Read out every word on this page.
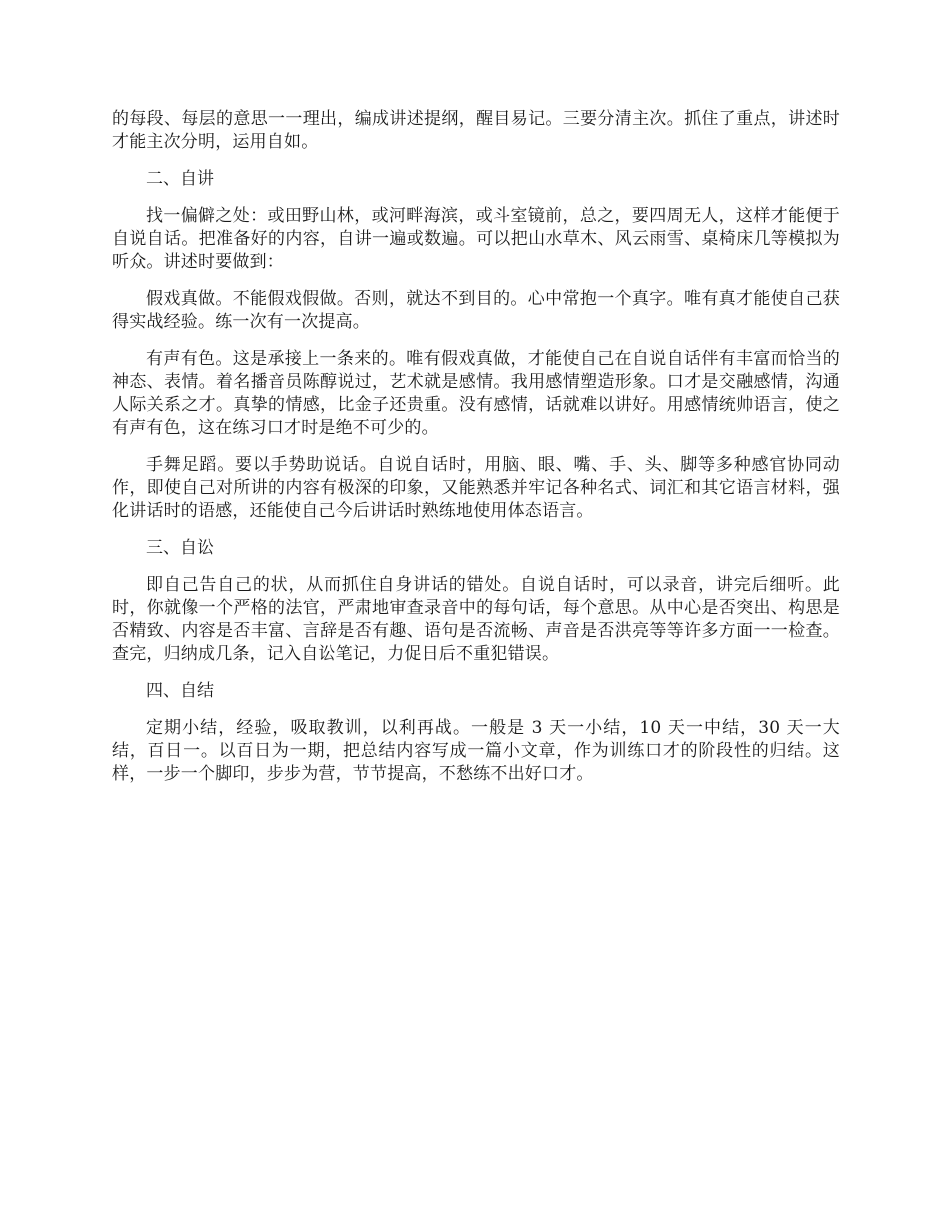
的每段、每层的意思一一理出，编成讲述提纲，醒目易记。三要分清主次。抓住了重点，讲述时才能主次分明，运用自如。

二、自讲

找一偏僻之处：或田野山林，或河畔海滨，或斗室镜前，总之，要四周无人，这样才能便于自说自话。把准备好的内容，自讲一遍或数遍。可以把山水草木、风云雨雪、桌椅床几等模拟为听众。讲述时要做到：

假戏真做。不能假戏假做。否则，就达不到目的。心中常抱一个真字。唯有真才能使自己获得实战经验。练一次有一次提高。

有声有色。这是承接上一条来的。唯有假戏真做，才能使自己在自说自话伴有丰富而恰当的神态、表情。着名播音员陈醇说过，艺术就是感情。我用感情塑造形象。口才是交融感情，沟通人际关系之才。真挚的情感，比金子还贵重。没有感情，话就难以讲好。用感情统帅语言，使之有声有色，这在练习口才时是绝不可少的。

手舞足蹈。要以手势助说话。自说自话时，用脑、眼、嘴、手、头、脚等多种感官协同动作，即使自己对所讲的内容有极深的印象，又能熟悉并牢记各种名式、词汇和其它语言材料，强化讲话时的语感，还能使自己今后讲话时熟练地使用体态语言。

三、自讼

即自己告自己的状，从而抓住自身讲话的错处。自说自话时，可以录音，讲完后细听。此时，你就像一个严格的法官，严肃地审查录音中的每句话，每个意思。从中心是否突出、构思是否精致、内容是否丰富、言辞是否有趣、语句是否流畅、声音是否洪亮等等许多方面一一检查。查完，归纳成几条，记入自讼笔记，力促日后不重犯错误。

四、自结

定期小结，经验，吸取教训，以利再战。一般是 3 天一小结，10 天一中结，30 天一大结，百日一。以百日为一期，把总结内容写成一篇小文章，作为训练口才的阶段性的归结。这样，一步一个脚印，步步为营，节节提高，不愁练不出好口才。
